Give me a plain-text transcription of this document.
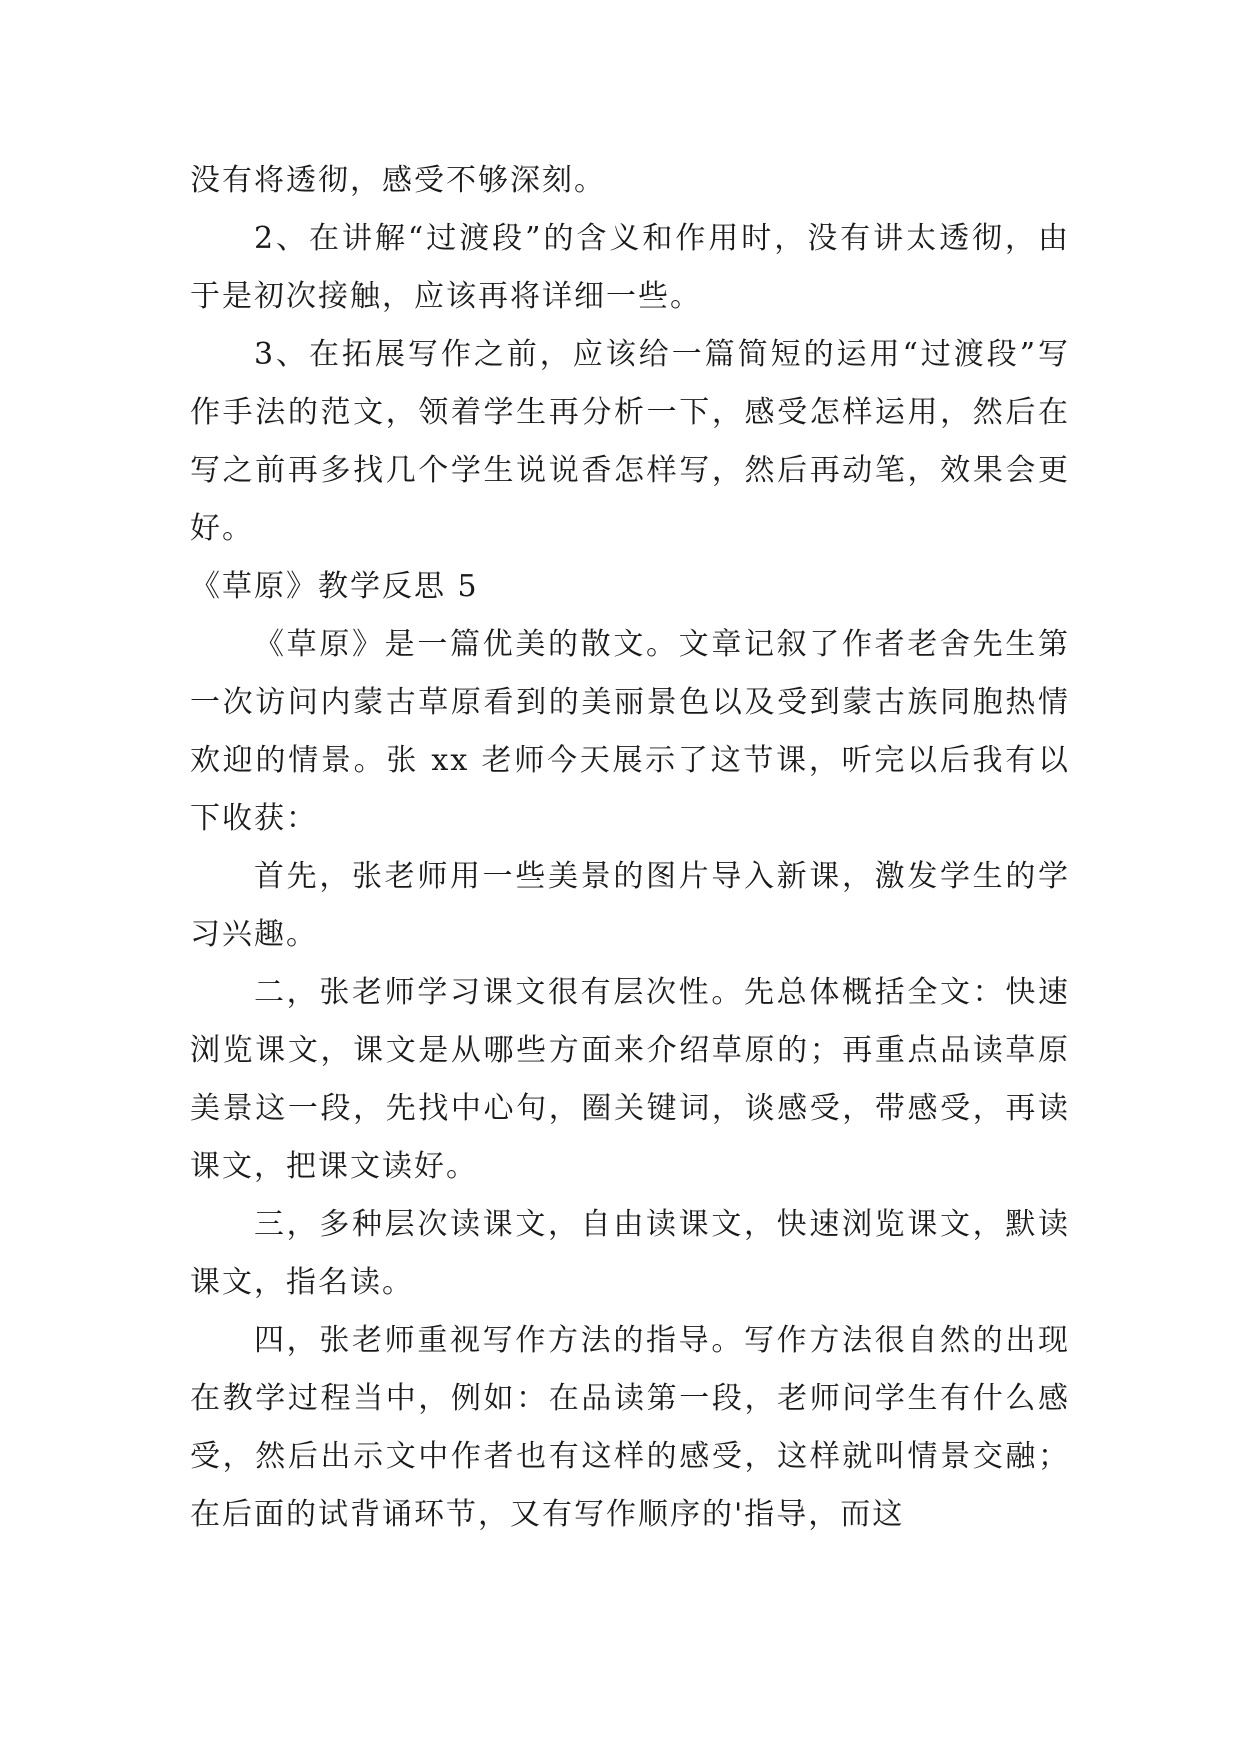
没有将透彻，感受不够深刻。

2、在讲解“过渡段”的含义和作用时，没有讲太透彻，由于是初次接触，应该再将详细一些。

3、在拓展写作之前，应该给一篇简短的运用“过渡段”写作手法的范文，领着学生再分析一下，感受怎样运用，然后在写之前再多找几个学生说说香怎样写，然后再动笔，效果会更好。

《草原》教学反思 5

《草原》是一篇优美的散文。文章记叙了作者老舍先生第一次访问内蒙古草原看到的美丽景色以及受到蒙古族同胞热情欢迎的情景。张 xx 老师今天展示了这节课，听完以后我有以下收获：

首先，张老师用一些美景的图片导入新课，激发学生的学习兴趣。

二，张老师学习课文很有层次性。先总体概括全文：快速浏览课文，课文是从哪些方面来介绍草原的；再重点品读草原美景这一段，先找中心句，圈关键词，谈感受，带感受，再读课文，把课文读好。

三，多种层次读课文，自由读课文，快速浏览课文，默读课文，指名读。

四，张老师重视写作方法的指导。写作方法很自然的出现在教学过程当中，例如：在品读第一段，老师问学生有什么感受，然后出示文中作者也有这样的感受，这样就叫情景交融；在后面的试背诵环节，又有写作顺序的'指导，而这
